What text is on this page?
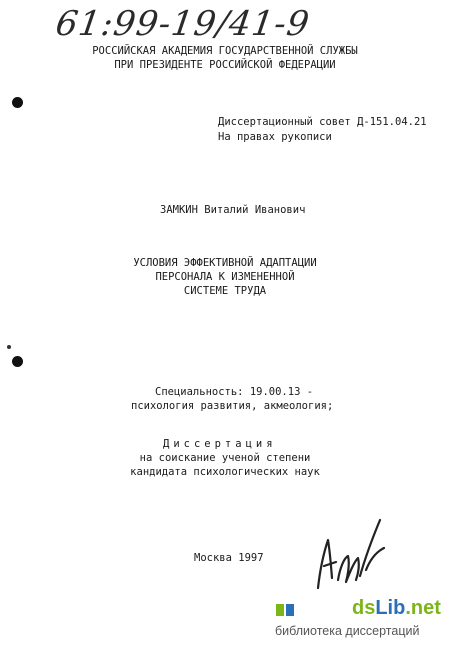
61:99-19/41-9
РОССИЙСКАЯ АКАДЕМИЯ ГОСУДАРСТВЕННОЙ СЛУЖБЫ
ПРИ ПРЕЗИДЕНТЕ РОССИЙСКОЙ ФЕДЕРАЦИИ
Диссертационный совет Д-151.04.21
На правах рукописи
ЗАМКИН Виталий Иванович
УСЛОВИЯ ЭФФЕКТИВНОЙ АДАПТАЦИИ
ПЕРСОНАЛА К ИЗМЕНЕННОЙ
СИСТЕМЕ ТРУДА
Специальность: 19.00.13 -
психология развития, акмеология;
Диссертация
на соискание ученой степени
кандидата психологических наук
Москва 1997
dsLib.net
библиотека диссертаций
